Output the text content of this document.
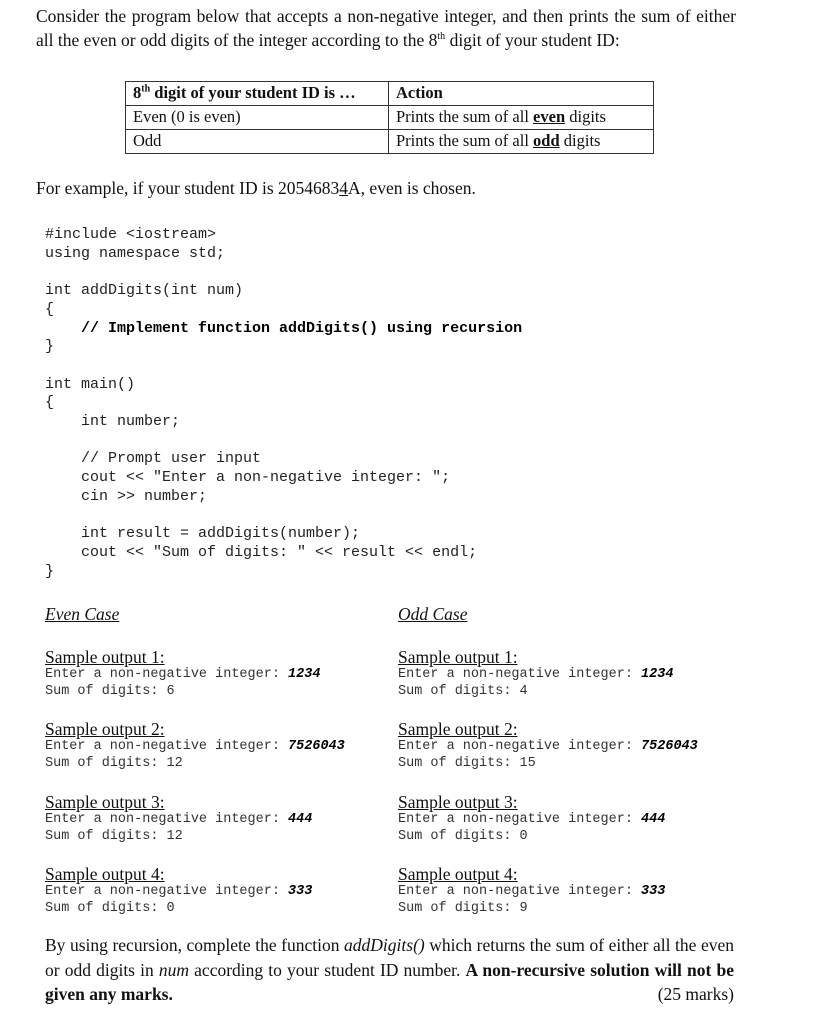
Consider the program below that accepts a non-negative integer, and then prints the sum of either all the even or odd digits of the integer according to the 8th digit of your student ID:

8th digit of your student ID is …	Action
Even (0 is even)	Prints the sum of all even digits
Odd	Prints the sum of all odd digits

For example, if your student ID is 20546834A, even is chosen.

#include <iostream>
using namespace std;

int addDigits(int num)
{
// Implement function addDigits() using recursion
}

int main()
{
int number;

// Prompt user input
cout << "Enter a non-negative integer: ";
cin >> number;

int result = addDigits(number);
cout << "Sum of digits: " << result << endl;
}

Even Case	Odd Case

Sample output 1:

Enter a non-negative integer: 1234

Sum of digits: 6

Sample output 2:

Enter a non-negative integer: 7526043

Sum of digits: 12

Sample output 3:

Enter a non-negative integer: 444

Sum of digits: 12

Sample output 4:

Enter a non-negative integer: 333

Sum of digits: 0

Sample output 1:

Enter a non-negative integer: 1234

Sum of digits: 4

Sample output 2:

Enter a non-negative integer: 7526043

Sum of digits: 15

Sample output 3:

Enter a non-negative integer: 444

Sum of digits: 0

Sample output 4:

Enter a non-negative integer: 333

Sum of digits: 9

By using recursion, complete the function addDigits() which returns the sum of either all the even or odd digits in num according to your student ID number. A non-recursive solution will not be given any marks.	(25 marks)
